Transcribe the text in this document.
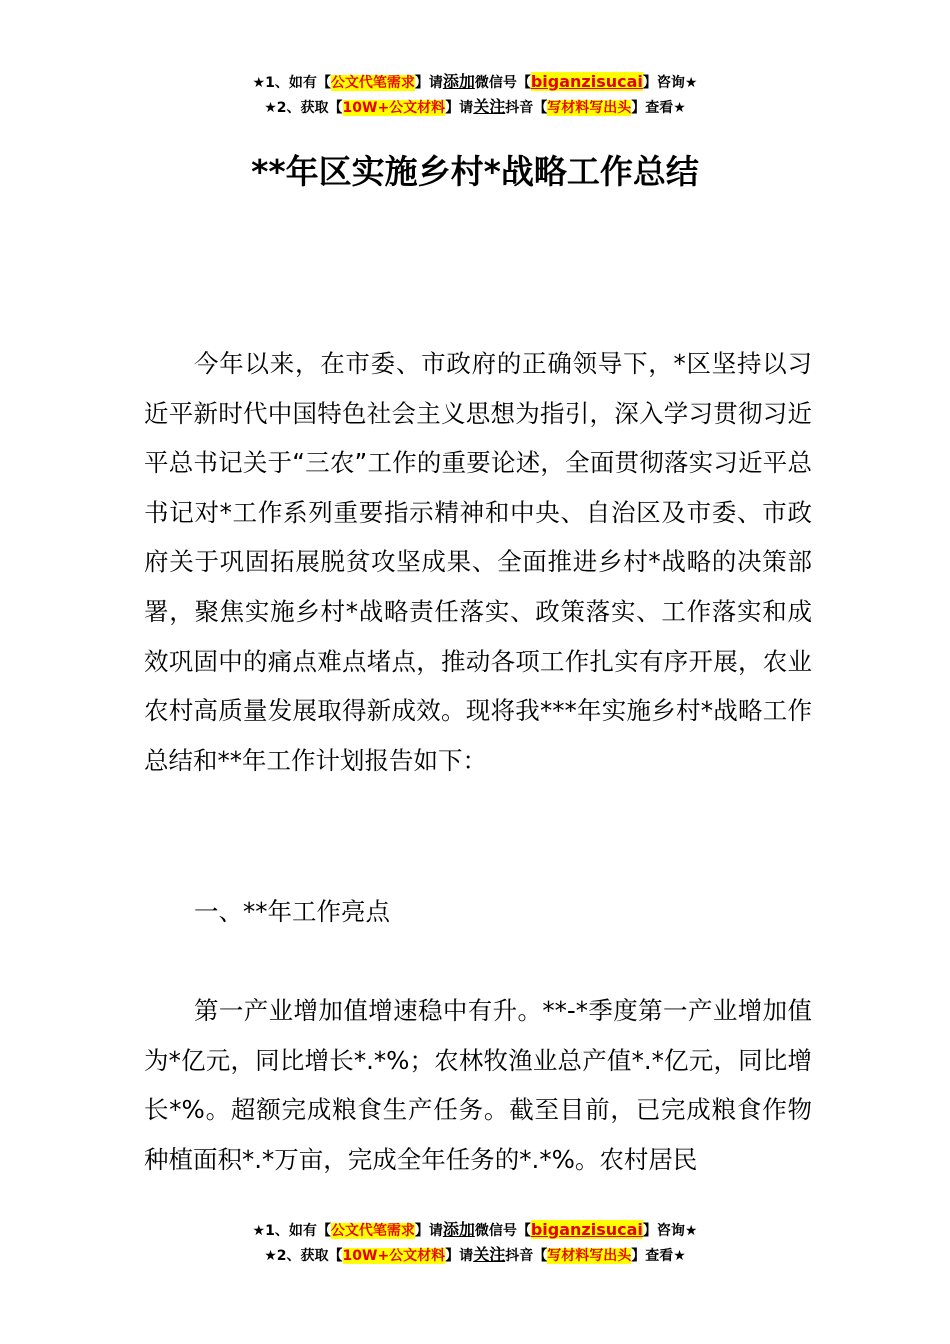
★1、如有【公文代笔需求】请添加微信号【biganzisucai】咨询★
★2、获取【10W+公文材料】请关注抖音【写材料写出头】查看★
**年区实施乡村*战略工作总结

今年以来，在市委、市政府的正确领导下，*区坚持以习近平新时代中国特色社会主义思想为指引，深入学习贯彻习近平总书记关于“三农”工作的重要论述，全面贯彻落实习近平总书记对*工作系列重要指示精神和中央、自治区及市委、市政府关于巩固拓展脱贫攻坚成果、全面推进乡村*战略的决策部署，聚焦实施乡村*战略责任落实、政策落实、工作落实和成效巩固中的痛点难点堵点，推动各项工作扎实有序开展，农业农村高质量发展取得新成效。现将我***年实施乡村*战略工作总结和**年工作计划报告如下：

一、**年工作亮点

第一产业增加值增速稳中有升。**-*季度第一产业增加值为*亿元，同比增长*.*%；农林牧渔业总产值*.*亿元，同比增长*%。超额完成粮食生产任务。截至目前，已完成粮食作物种植面积*.*万亩，完成全年任务的*.*%。农村居民

★1、如有【公文代笔需求】请添加微信号【biganzisucai】咨询★
★2、获取【10W+公文材料】请关注抖音【写材料写出头】查看★
